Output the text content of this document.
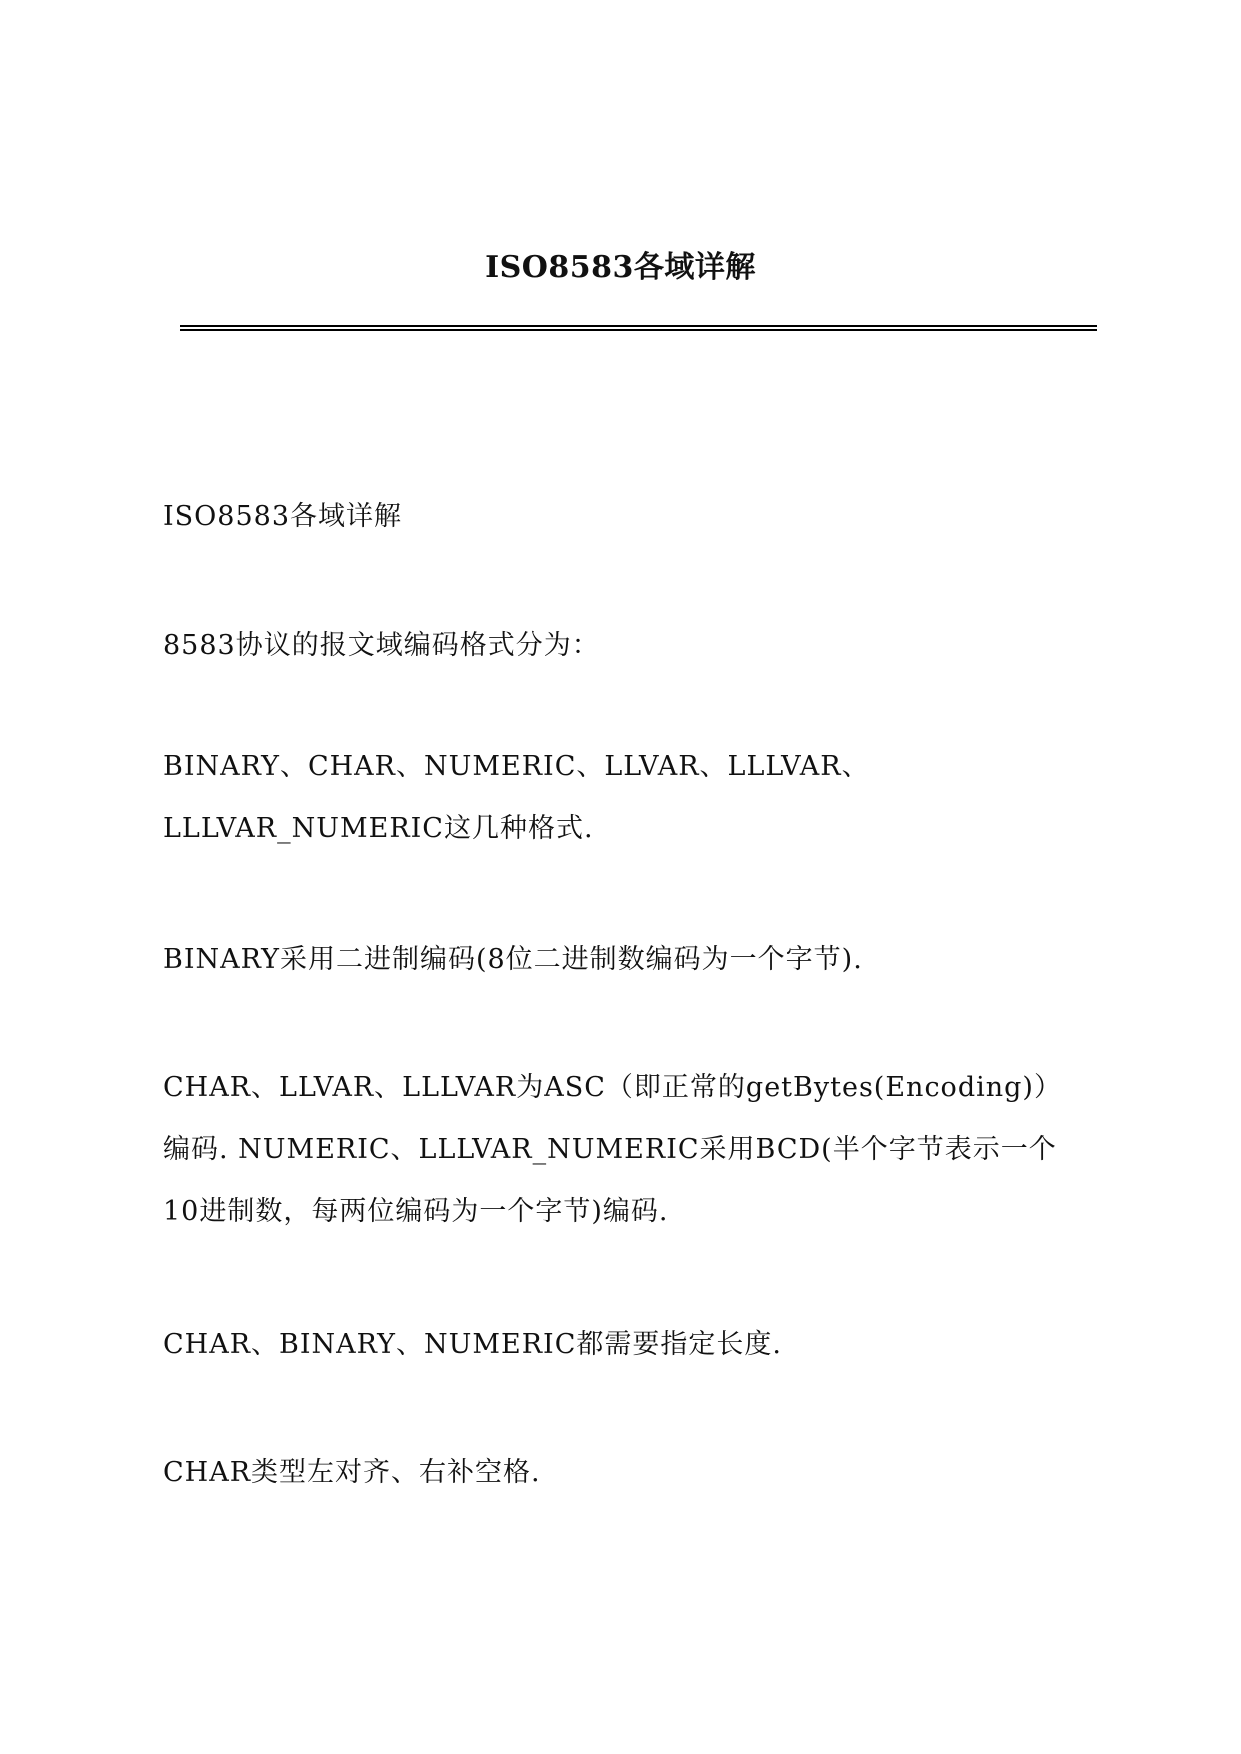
ISO8583各域详解

ISO8583各域详解

8583协议的报文域编码格式分为：

BINARY、CHAR、NUMERIC、LLVAR、LLLVAR、LLLVAR_NUMERIC这几种格式.

BINARY采用二进制编码(8位二进制数编码为一个字节).

CHAR、LLVAR、LLLVAR为ASC（即正常的getBytes(Encoding)）编码. NUMERIC、LLLVAR_NUMERIC采用BCD(半个字节表示一个10进制数，每两位编码为一个字节)编码.

CHAR、BINARY、NUMERIC都需要指定长度.

CHAR类型左对齐、右补空格.
